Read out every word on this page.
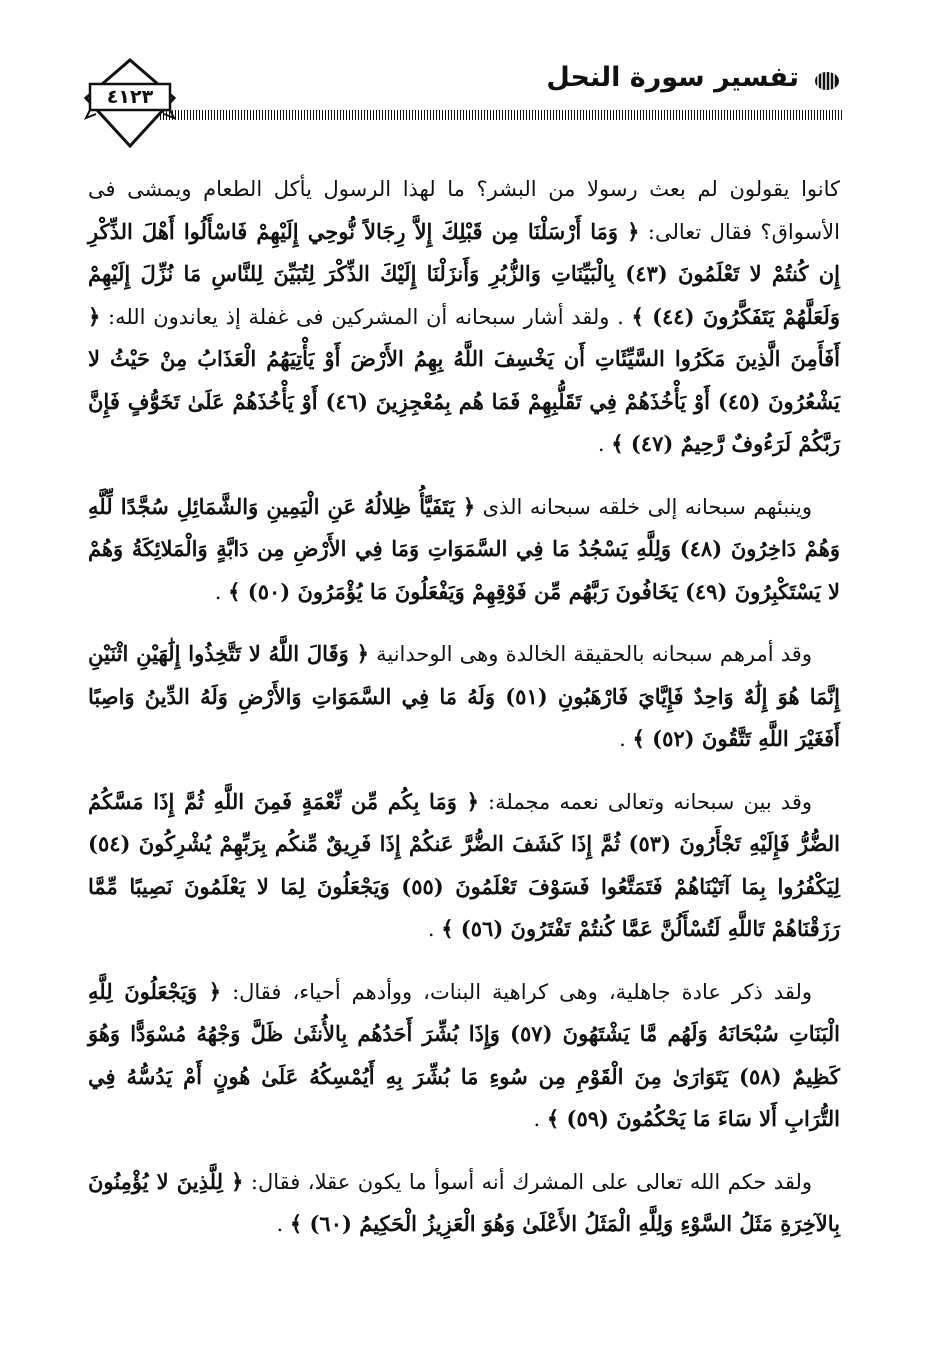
تفسير سورة النحل
٤١٢٣

كانوا يقولون لم بعث رسولا من البشر؟ ما لهذا الرسول يأكل الطعام ويمشى فى الأسواق؟ فقال تعالى: ﴿ وَمَا أَرْسَلْنَا مِن قَبْلِكَ إِلاَّ رِجَالاً نُّوحِي إِلَيْهِمْ فَاسْأَلُوا أَهْلَ الذِّكْرِ إِن كُنتُمْ لا تَعْلَمُونَ (٤٣) بِالْبَيِّنَاتِ وَالزُّبُرِ وَأَنزَلْنَا إِلَيْكَ الذِّكْرَ لِتُبَيِّنَ لِلنَّاسِ مَا نُزِّلَ إِلَيْهِمْ وَلَعَلَّهُمْ يَتَفَكَّرُونَ (٤٤) ﴾ . ولقد أشار سبحانه أن المشركين فى غفلة إذ يعاندون الله: ﴿ أَفَأَمِنَ الَّذِينَ مَكَرُوا السَّيِّئَاتِ أَن يَخْسِفَ اللَّهُ بِهِمُ الأَرْضَ أَوْ يَأْتِيَهُمُ الْعَذَابُ مِنْ حَيْثُ لا يَشْعُرُونَ (٤٥) أَوْ يَأْخُذَهُمْ فِي تَقَلُّبِهِمْ فَمَا هُم بِمُعْجِزِينَ (٤٦) أَوْ يَأْخُذَهُمْ عَلَىٰ تَخَوُّفٍ فَإِنَّ رَبَّكُمْ لَرَءُوفٌ رَّحِيمٌ (٤٧) ﴾ .

وينبئهم سبحانه إلى خلقه سبحانه الذى ﴿ يَتَفَيَّأُ ظِلالُهُ عَنِ الْيَمِينِ وَالشَّمَائِلِ سُجَّدًا لِّلَّهِ وَهُمْ دَاخِرُونَ (٤٨) وَلِلَّهِ يَسْجُدُ مَا فِي السَّمَوَاتِ وَمَا فِي الأَرْضِ مِن دَابَّةٍ وَالْمَلائِكَةُ وَهُمْ لا يَسْتَكْبِرُونَ (٤٩) يَخَافُونَ رَبَّهُم مِّن فَوْقِهِمْ وَيَفْعَلُونَ مَا يُؤْمَرُونَ (٥٠) ﴾ .

وقد أمرهم سبحانه بالحقيقة الخالدة وهى الوحدانية ﴿ وَقَالَ اللَّهُ لا تَتَّخِذُوا إِلَٰهَيْنِ اثْنَيْنِ إِنَّمَا هُوَ إِلَٰهٌ وَاحِدٌ فَإِيَّايَ فَارْهَبُونِ (٥١) وَلَهُ مَا فِي السَّمَوَاتِ وَالأَرْضِ وَلَهُ الدِّينُ وَاصِبًا أَفَغَيْرَ اللَّهِ تَتَّقُونَ (٥٢) ﴾ .

وقد بين سبحانه وتعالى نعمه مجملة: ﴿ وَمَا بِكُم مِّن نِّعْمَةٍ فَمِنَ اللَّهِ ثُمَّ إِذَا مَسَّكُمُ الضُّرُّ فَإِلَيْهِ تَجْأَرُونَ (٥٣) ثُمَّ إِذَا كَشَفَ الضُّرَّ عَنكُمْ إِذَا فَرِيقٌ مِّنكُم بِرَبِّهِمْ يُشْرِكُونَ (٥٤) لِيَكْفُرُوا بِمَا آتَيْنَاهُمْ فَتَمَتَّعُوا فَسَوْفَ تَعْلَمُونَ (٥٥) وَيَجْعَلُونَ لِمَا لا يَعْلَمُونَ نَصِيبًا مِّمَّا رَزَقْنَاهُمْ تَاللَّهِ لَتُسْأَلُنَّ عَمَّا كُنتُمْ تَفْتَرُونَ (٥٦) ﴾ .

ولقد ذكر عادة جاهلية، وهى كراهية البنات، ووأدهم أحياء، فقال: ﴿ وَيَجْعَلُونَ لِلَّهِ الْبَنَاتِ سُبْحَانَهُ وَلَهُم مَّا يَشْتَهُونَ (٥٧) وَإِذَا بُشِّرَ أَحَدُهُم بِالأُنثَىٰ ظَلَّ وَجْهُهُ مُسْوَدًّا وَهُوَ كَظِيمٌ (٥٨) يَتَوَارَىٰ مِنَ الْقَوْمِ مِن سُوءِ مَا بُشِّرَ بِهِ أَيُمْسِكُهُ عَلَىٰ هُونٍ أَمْ يَدُسُّهُ فِي التُّرَابِ أَلا سَاءَ مَا يَحْكُمُونَ (٥٩) ﴾ .

ولقد حكم الله تعالى على المشرك أنه أسوأ ما يكون عقلا، فقال: ﴿ لِلَّذِينَ لا يُؤْمِنُونَ بِالآخِرَةِ مَثَلُ السَّوْءِ وَلِلَّهِ الْمَثَلُ الأَعْلَىٰ وَهُوَ الْعَزِيزُ الْحَكِيمُ (٦٠) ﴾ .
